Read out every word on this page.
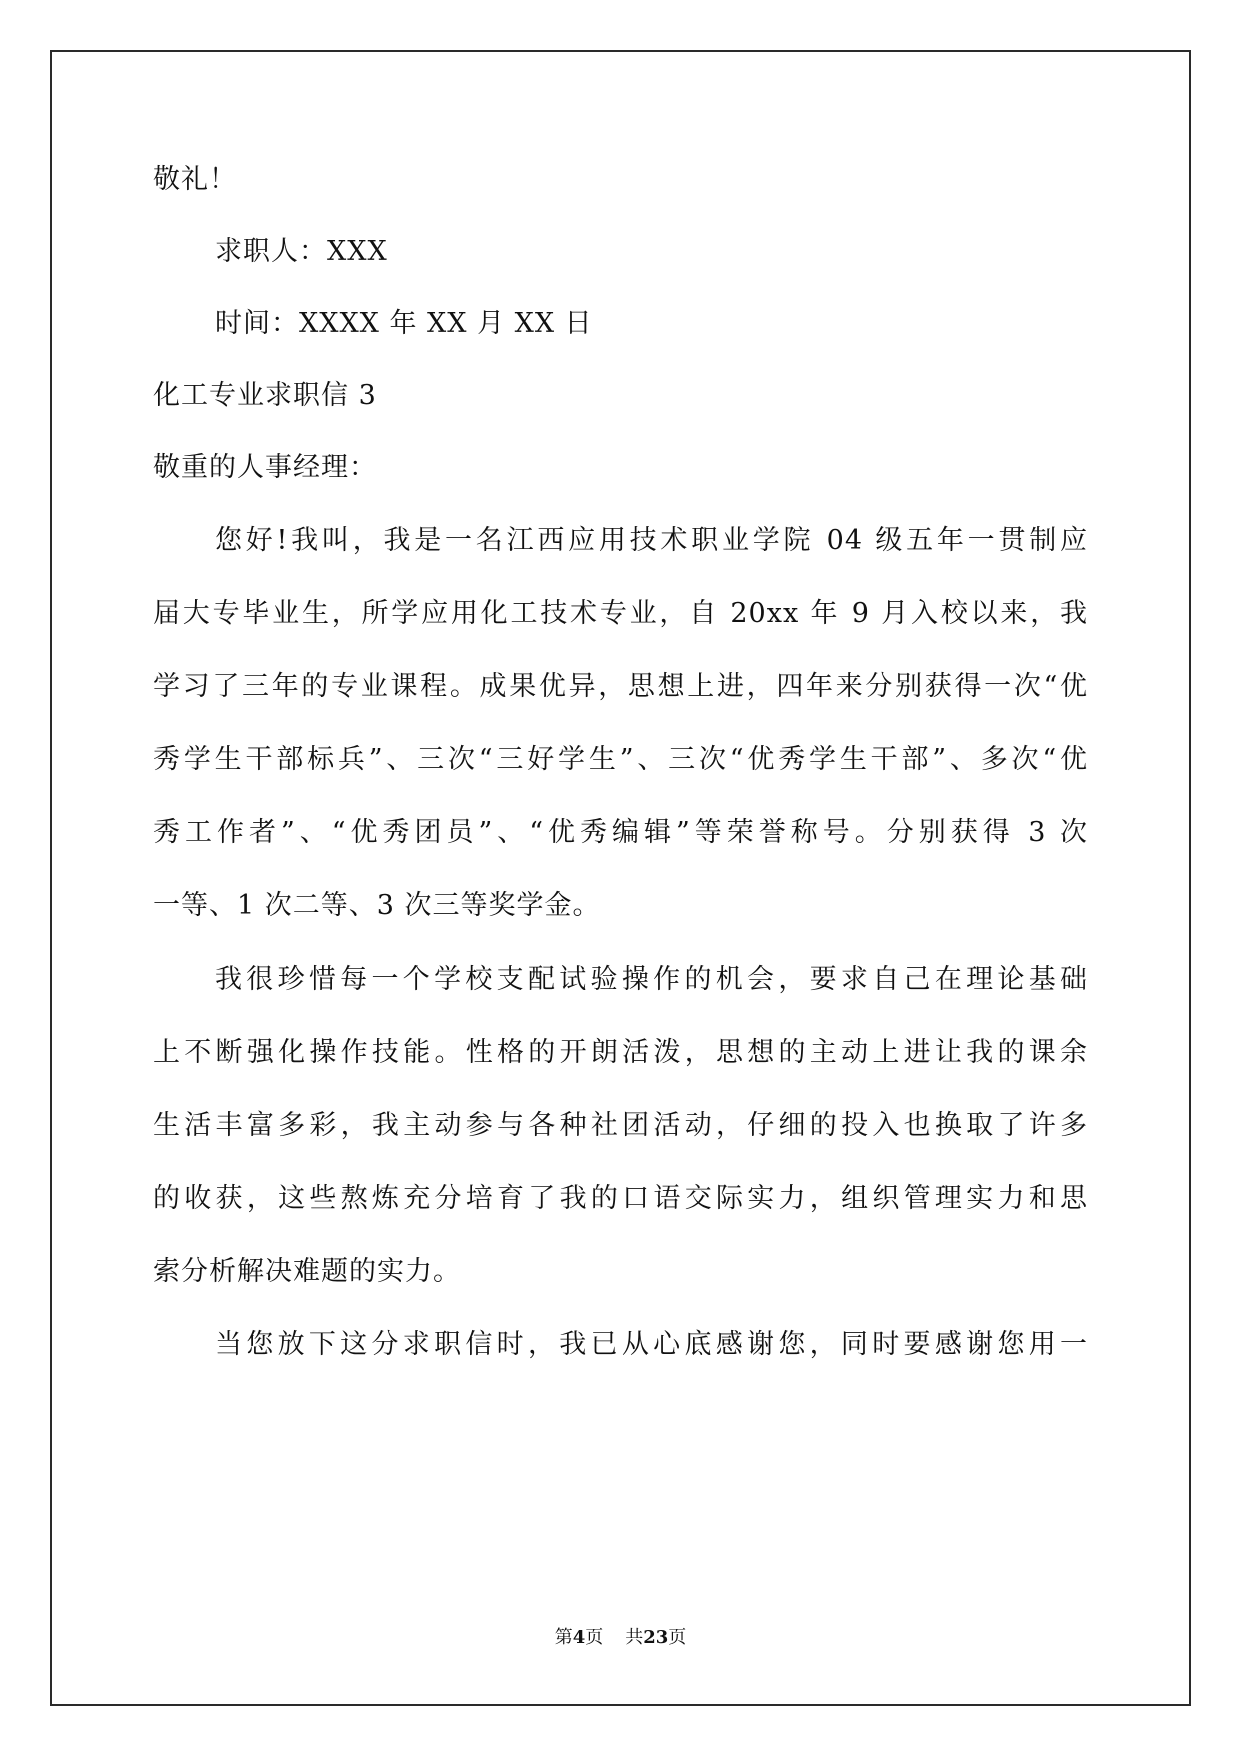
敬礼！
求职人：XXX
时间：XXXX 年 XX 月 XX 日
化工专业求职信 3
敬重的人事经理：
您好!我叫，我是一名江西应用技术职业学院 04 级五年一贯制应
届大专毕业生，所学应用化工技术专业，自 20xx 年 9 月入校以来，我
学习了三年的专业课程。成果优异，思想上进，四年来分别获得一次“优
秀学生干部标兵”、三次“三好学生”、三次“优秀学生干部”、多次“优
秀工作者”、“优秀团员”、“优秀编辑”等荣誉称号。分别获得 3 次
一等、1 次二等、3 次三等奖学金。
我很珍惜每一个学校支配试验操作的机会，要求自己在理论基础
上不断强化操作技能。性格的开朗活泼，思想的主动上进让我的课余
生活丰富多彩，我主动参与各种社团活动，仔细的投入也换取了许多
的收获，这些熬炼充分培育了我的口语交际实力，组织管理实力和思
索分析解决难题的实力。
当您放下这分求职信时，我已从心底感谢您，同时要感谢您用一
第4页 共23页
